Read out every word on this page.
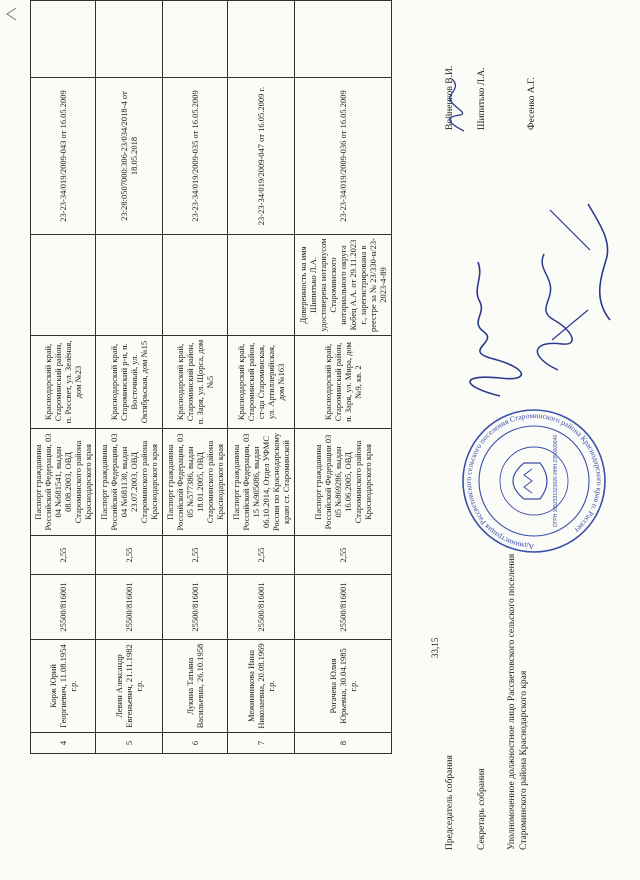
4	Корж Юрий Георгиевич, 11.08.1954 г.р.	25500/816001	2,55	Паспорт гражданина Российской Федерации, 03 04 №681541, выдан 08.08.2003, ОВД Староминского района Краснодарского края	Краснодарский край, Староминский район, п. Рассвет, ул. Зелёная, дом №23		23-23-34/019/2009-043 от 16.05.2009	
5	Левин Александр Евгеньевич, 21.11.1982 г.р.	25500/816001	2,55	Паспорт гражданина Российской Федерации, 03 04 №681130, выдан 23.07.2003, ОВД Староминского района Краснодарского края	Краснодарский край, Староминский р-н, п. Восточный, ул. Октябрьская, дом №15		23:28:0507000:306-23/034/2018-4 от 18.05.2018	
6	Лукина Татьяна Васильевна, 26.10.1958	25500/816001	2,55	Паспорт гражданина Российской Федерации, 03 05 №577386, выдан 18.01.2005, ОВД Староминского района Краснодарского края	Краснодарский край, Староминский район, п. Заря, ул. Щорса, дом №5		23-23-34/019/2009-035 от 16.05.2009	
7	Межинникова Инна Николаевна, 20.08.1969 г.р.	25500/816001	2,55	Паспорт гражданина Российской Федерации, 03 15 №905086, выдан 06.10.2014, Отдел УФМС России по Краснодарскому краю ст. Староминской	Краснодарский край, Староминский район, ст-ца Староминская, ул. Артиллерийская, дом №163		23-23-34/019/2009-047 от 16.05.2009 г.	
8	Рогачева Юлия Юрьевна, 30.04.1985 г.р.	25500/816001	2,55	Паспорт гражданина Российской Федерации 03 05 №869286, выдан 16.06.2005, ОВД Староминского района Краснодарского края	Краснодарский край, Староминский район, п. Заря, ул. Мира, дом №9, кв. 2	Доверенность на имя Шипитько Л.А. удостоверена нотариусом Староминского нотариального округа Кобец А.А. от 29.11.2023 г., зарегистрирована в реестре за № 23/330-н/23-2023-4-89	23-23-34/019/2009-036 от 16.05.2009	
33,15
Председатель собрания
Войненков В.И.
Секретарь собрания
Шипитько Л.А.
Уполномоченное должностное лицо Рассветовского сельского поселения Староминского района Краснодарского края
Фесенко А.Г.
Администрация Рассветовского сельского поселения Староминского района Краснодарского края п. Рассвет
ОГРН 1052331323026 ИНН 2350009640
